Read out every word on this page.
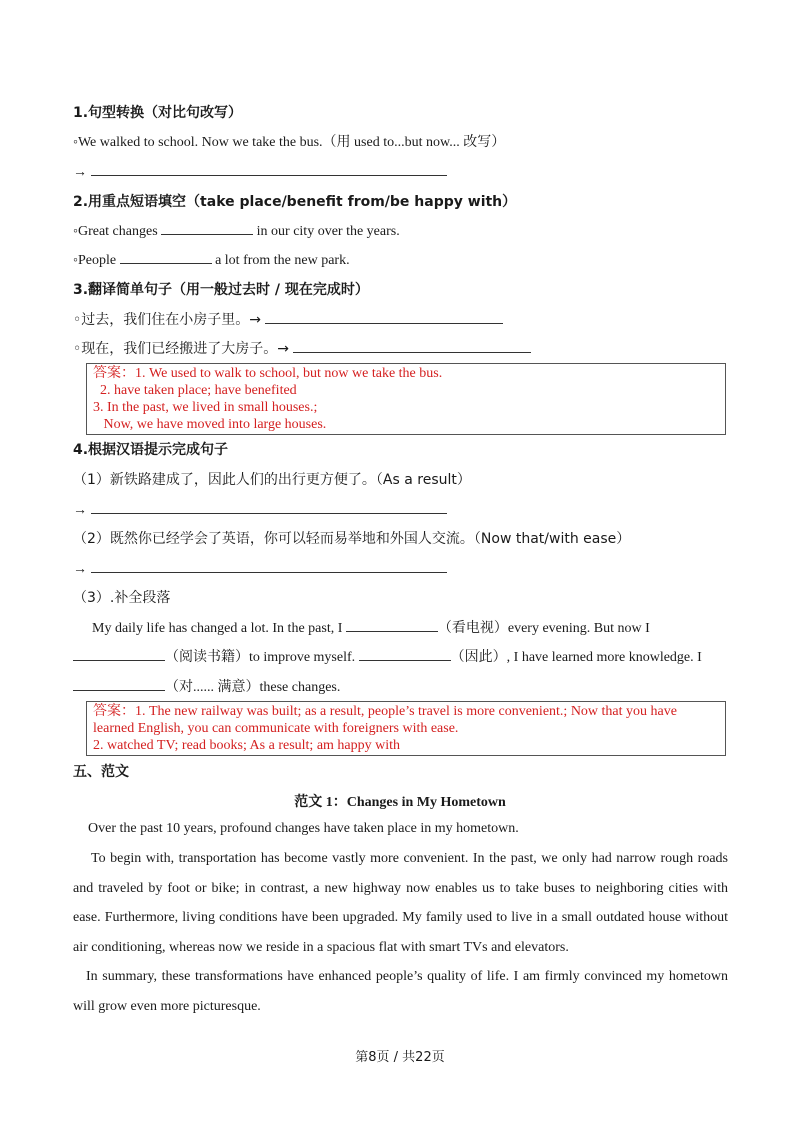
1.句型转换（对比句改写）
◦We walked to school. Now we take the bus.（用 used to...but now... 改写）
→
2.用重点短语填空（take place/benefit from/be happy with）
◦Great changes	in our city over the years.
◦People	a lot from the new park.
3.翻译简单句子（用一般过去时 / 现在完成时）
◦过去，我们住在小房子里。→
◦现在，我们已经搬进了大房子。→
答案：1. We used to walk to school, but now we take the bus.
2. have taken place; have benefited
3. In the past, we lived in small houses.;
Now, we have moved into large houses.
4.根据汉语提示完成句子
（1）新铁路建成了，因此人们的出行更方便了。（As a result）
→
（2）既然你已经学会了英语，你可以轻而易举地和外国人交流。（Now that/with ease）
→
（3）.补全段落
My daily life has changed a lot. In the past, I	（看电视）every evening. But now I
（阅读书籍）to improve myself.	（因此）, I have learned more knowledge. I
（对...... 满意）these changes.
答案：1. The new railway was built; as a result, people’s travel is more convenient.; Now that you have learned English, you can communicate with foreigners with ease.
2. watched TV; read books; As a result; am happy with
五、范文
范文 1：Changes in My Hometown
Over the past 10 years, profound changes have taken place in my hometown.
To begin with, transportation has become vastly more convenient. In the past, we only had narrow rough roads and traveled by foot or bike; in contrast, a new highway now enables us to take buses to neighboring cities with ease. Furthermore, living conditions have been upgraded. My family used to live in a small outdated house without air conditioning, whereas now we reside in a spacious flat with smart TVs and elevators.
In summary, these transformations have enhanced people’s quality of life. I am firmly convinced my hometown will grow even more picturesque.
第8页 / 共22页
